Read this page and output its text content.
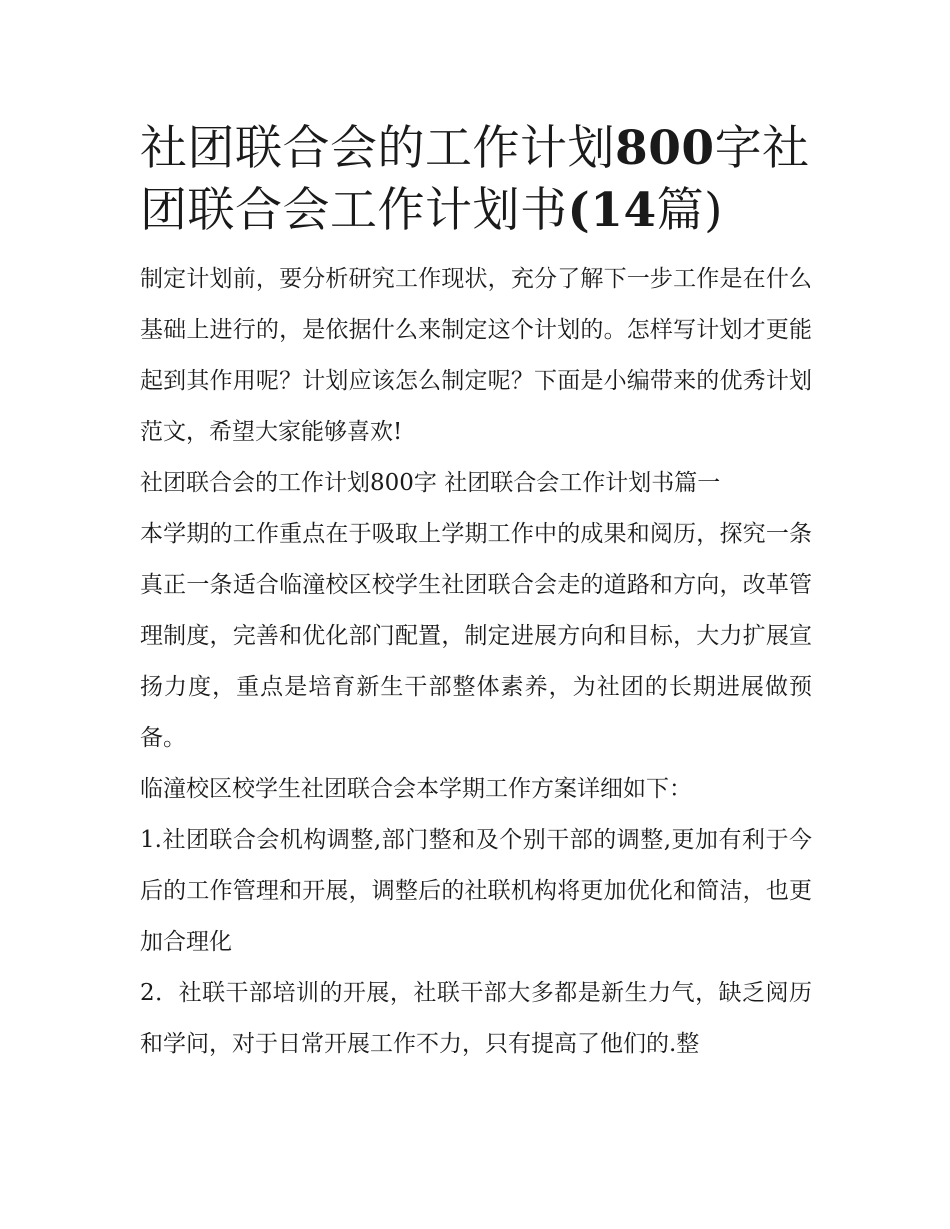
社团联合会的工作计划800字社团联合会工作计划书(14篇)

制定计划前，要分析研究工作现状，充分了解下一步工作是在什么基础上进行的，是依据什么来制定这个计划的。怎样写计划才更能起到其作用呢？计划应该怎么制定呢？下面是小编带来的优秀计划范文，希望大家能够喜欢!

社团联合会的工作计划800字 社团联合会工作计划书篇一

本学期的工作重点在于吸取上学期工作中的成果和阅历，探究一条真正一条适合临潼校区校学生社团联合会走的道路和方向，改革管理制度，完善和优化部门配置，制定进展方向和目标，大力扩展宣扬力度，重点是培育新生干部整体素养，为社团的长期进展做预备。

临潼校区校学生社团联合会本学期工作方案详细如下：

1.社团联合会机构调整,部门整和及个别干部的调整,更加有利于今后的工作管理和开展，调整后的社联机构将更加优化和简洁，也更加合理化

2．社联干部培训的开展，社联干部大多都是新生力气，缺乏阅历和学问，对于日常开展工作不力，只有提高了他们的.整
